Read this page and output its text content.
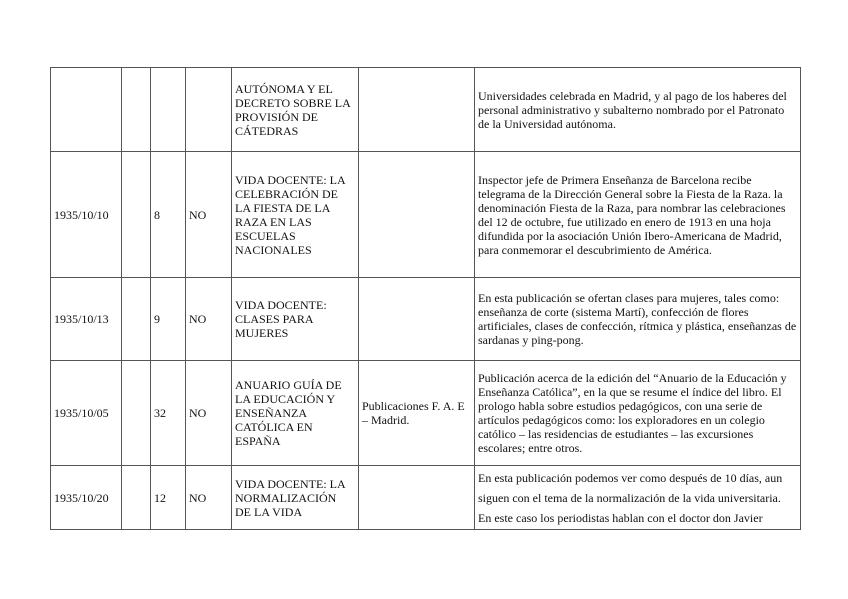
				AUTÓNOMA Y EL DECRETO SOBRE LA PROVISIÓN DE CÁTEDRAS		Universidades celebrada en Madrid, y al pago de los haberes del personal administrativo y subalterno nombrado por el Patronato de la Universidad autónoma.
1935/10/10		8	NO	VIDA DOCENTE: LA CELEBRACIÓN DE LA FIESTA DE LA RAZA EN LAS ESCUELAS NACIONALES		Inspector jefe de Primera Enseñanza de Barcelona recibe telegrama de la Dirección General sobre la Fiesta de la Raza. la denominación Fiesta de la Raza, para nombrar las celebraciones del 12 de octubre, fue utilizado en enero de 1913 en una hoja difundida por la asociación Unión Ibero-Americana de Madrid, para conmemorar el descubrimiento de América.
1935/10/13		9	NO	VIDA DOCENTE: CLASES PARA MUJERES		En esta publicación se ofertan clases para mujeres, tales como: enseñanza de corte (sistema Martí), confección de flores artificiales, clases de confección, rítmica y plástica, enseñanzas de sardanas y ping-pong.
1935/10/05		32	NO	ANUARIO GUÍA DE LA EDUCACIÓN Y ENSEÑANZA CATÓLICA EN ESPAÑA	Publicaciones F. A. E – Madrid.	Publicación acerca de la edición del “Anuario de la Educación y Enseñanza Católica”, en la que se resume el índice del libro. El prologo habla sobre estudios pedagógicos, con una serie de artículos pedagógicos como: los exploradores en un colegio católico – las residencias de estudiantes – las excursiones escolares; entre otros.
1935/10/20		12	NO	VIDA DOCENTE: LA NORMALIZACIÓN DE LA VIDA		En esta publicación podemos ver como después de 10 días, aun siguen con el tema de la normalización de la vida universitaria. En este caso los periodistas hablan con el doctor don Javier
